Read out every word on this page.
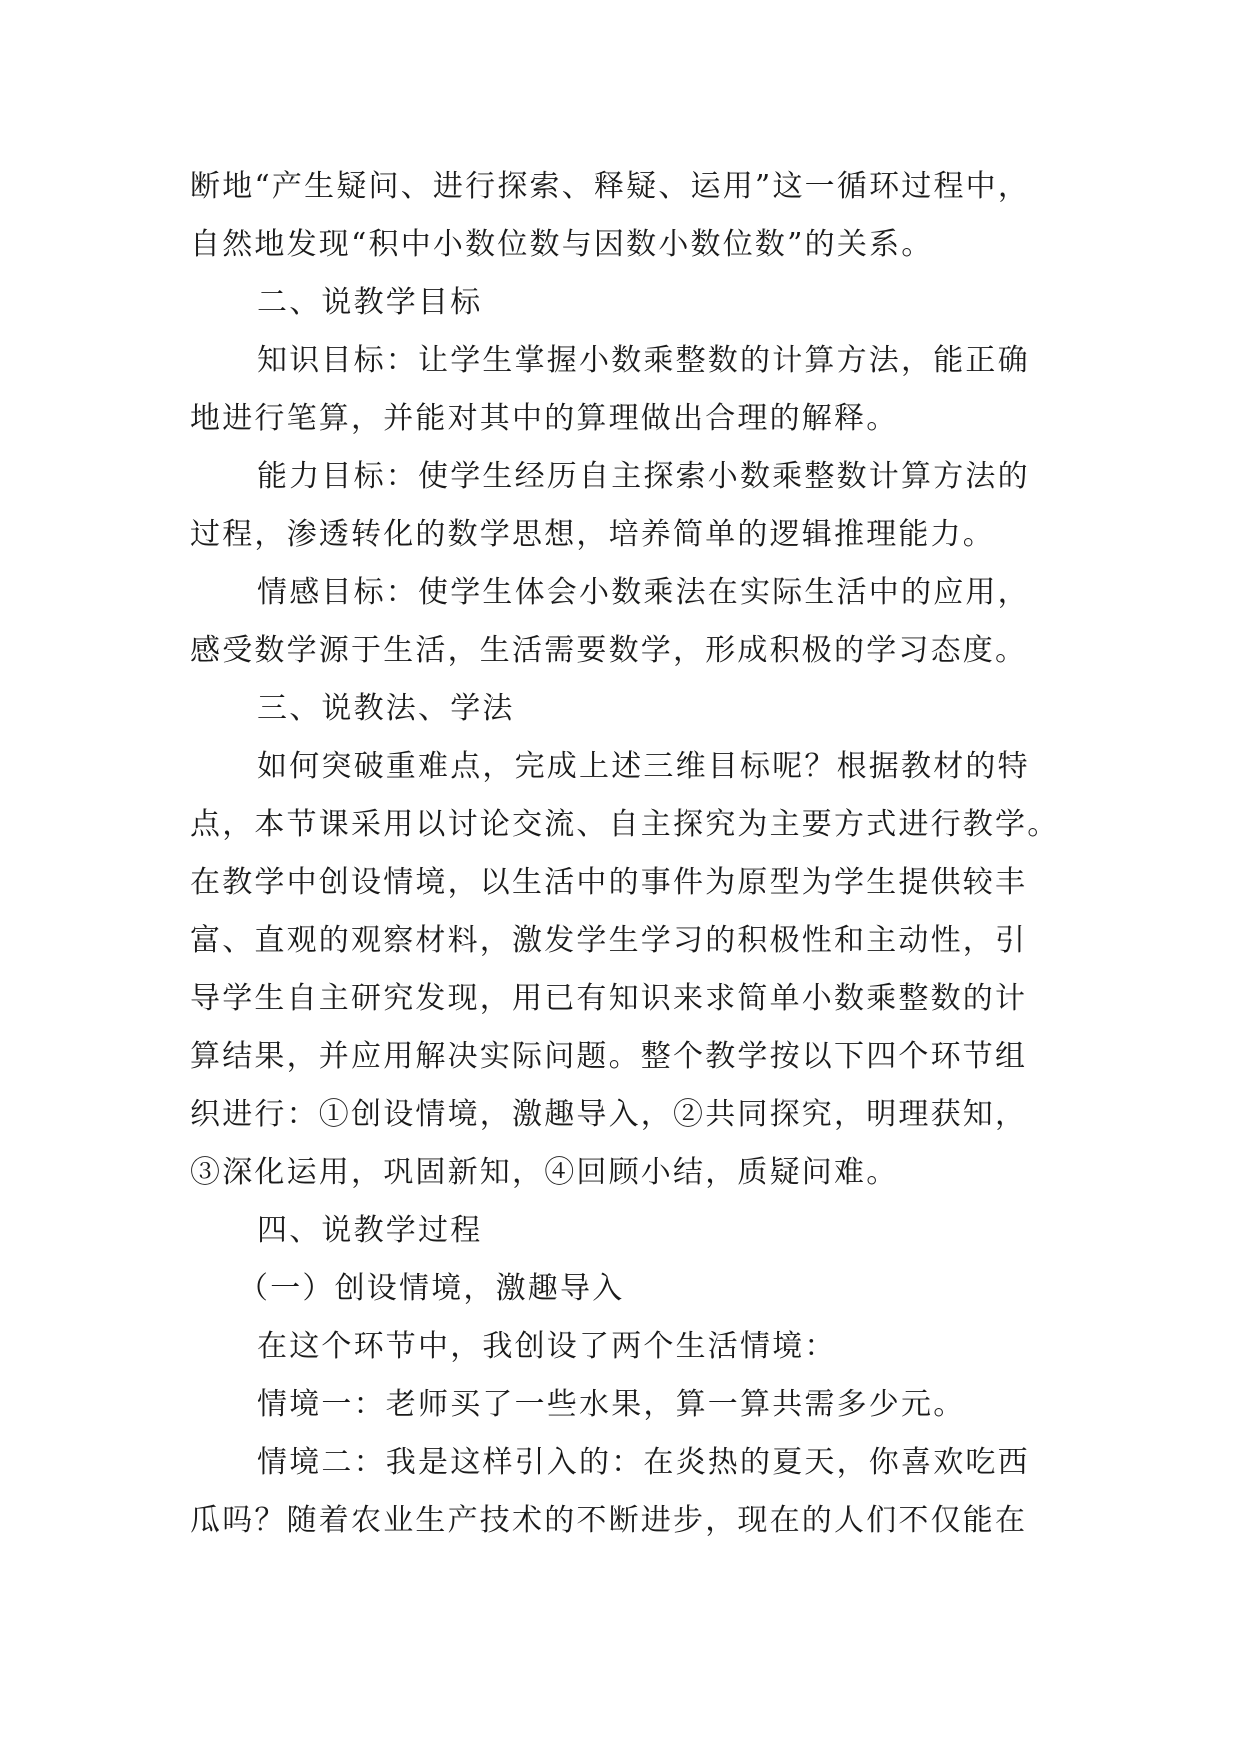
断地“产生疑问、进行探索、释疑、运用”这一循环过程中，
自然地发现“积中小数位数与因数小数位数”的关系。
二、说教学目标
知识目标：让学生掌握小数乘整数的计算方法，能正确
地进行笔算，并能对其中的算理做出合理的解释。
能力目标：使学生经历自主探索小数乘整数计算方法的
过程，渗透转化的数学思想，培养简单的逻辑推理能力。
情感目标：使学生体会小数乘法在实际生活中的应用，
感受数学源于生活，生活需要数学，形成积极的学习态度。
三、说教法、学法
如何突破重难点，完成上述三维目标呢？根据教材的特
点，本节课采用以讨论交流、自主探究为主要方式进行教学。
在教学中创设情境，以生活中的事件为原型为学生提供较丰
富、直观的观察材料，激发学生学习的积极性和主动性，引
导学生自主研究发现，用已有知识来求简单小数乘整数的计
算结果，并应用解决实际问题。整个教学按以下四个环节组
织进行：①创设情境，激趣导入，②共同探究，明理获知，
③深化运用，巩固新知，④回顾小结，质疑问难。
四、说教学过程
（一）创设情境，激趣导入
在这个环节中，我创设了两个生活情境：
情境一：老师买了一些水果，算一算共需多少元。
情境二：我是这样引入的：在炎热的夏天，你喜欢吃西
瓜吗？随着农业生产技术的不断进步，现在的人们不仅能在
